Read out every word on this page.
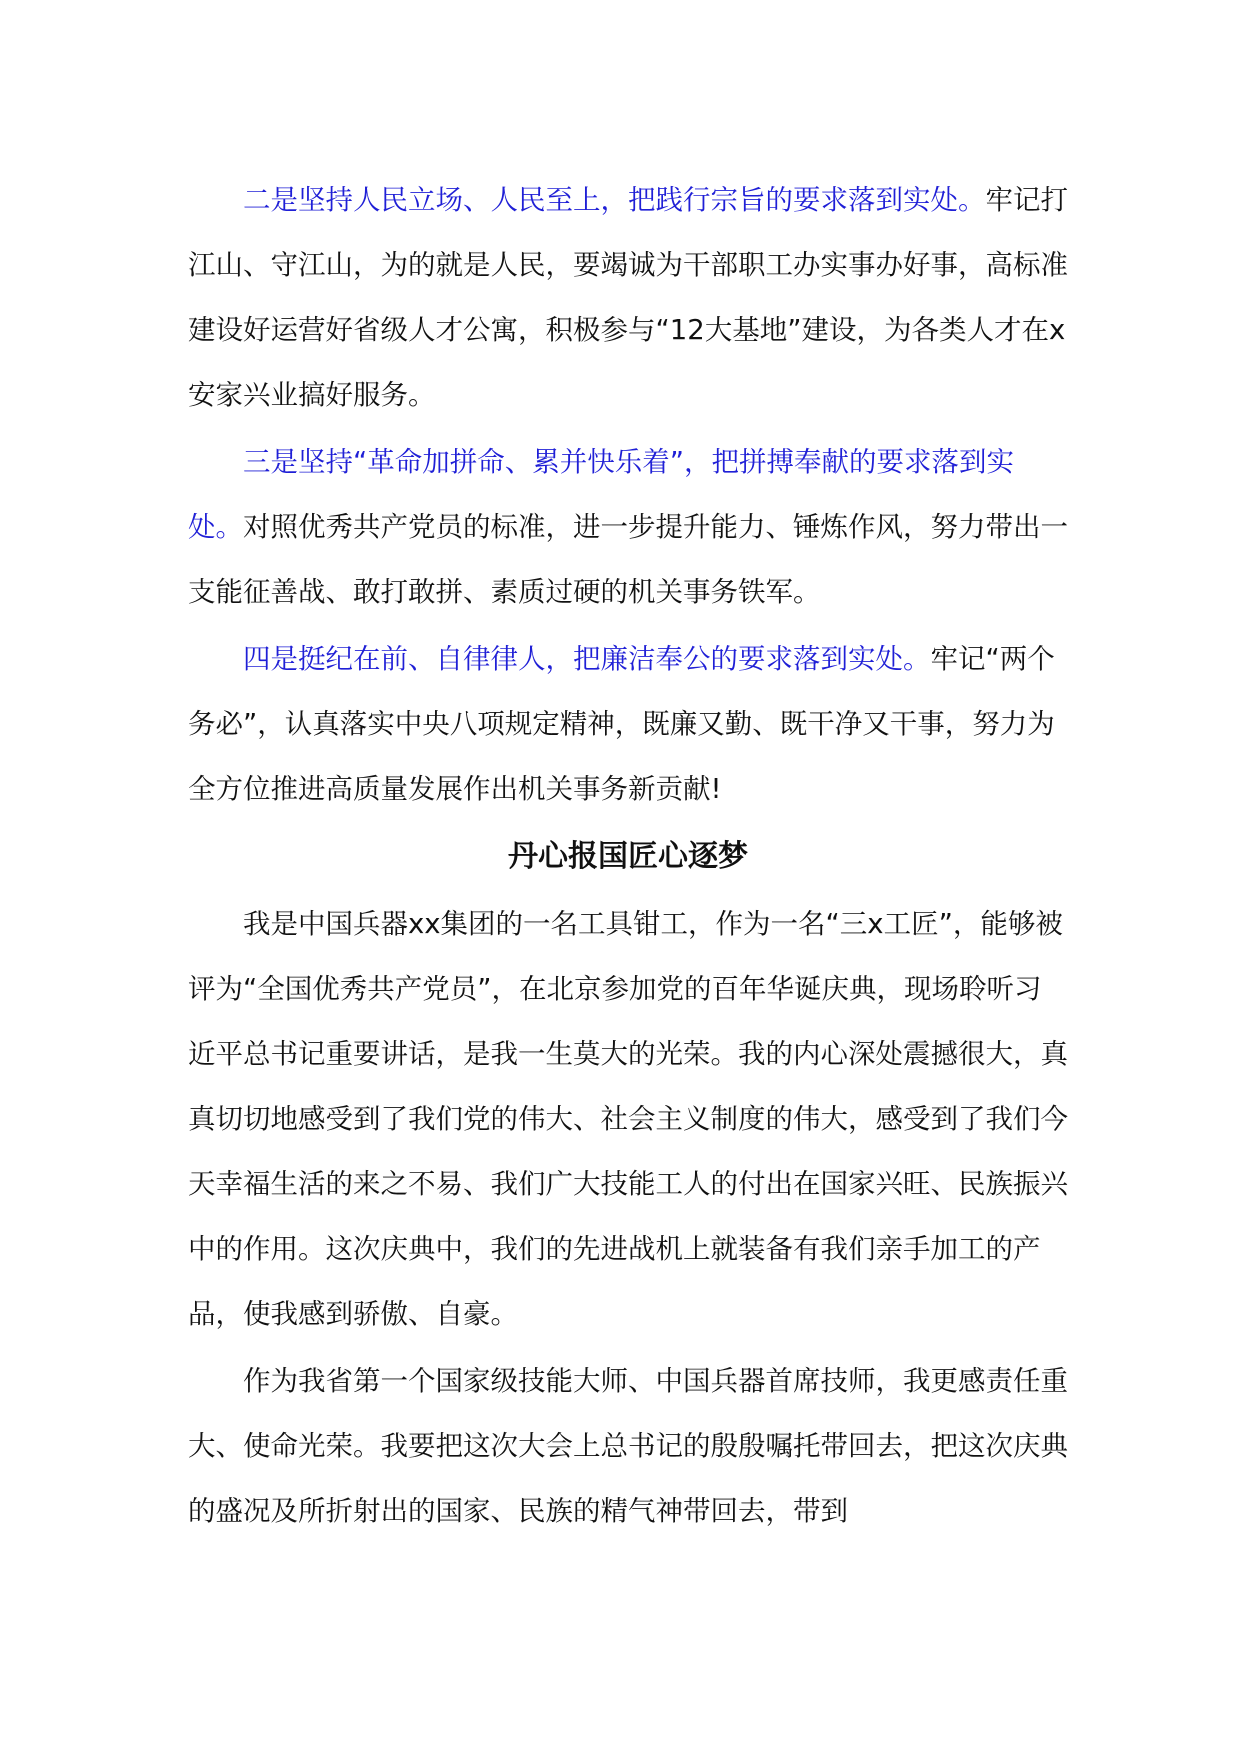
二是坚持人民立场、人民至上，把践行宗旨的要求落到实处。牢记打江山、守江山，为的就是人民，要竭诚为干部职工办实事办好事，高标准建设好运营好省级人才公寓，积极参与“12大基地”建设，为各类人才在x安家兴业搞好服务。

三是坚持“革命加拼命、累并快乐着”，把拼搏奉献的要求落到实处。对照优秀共产党员的标准，进一步提升能力、锤炼作风，努力带出一支能征善战、敢打敢拼、素质过硬的机关事务铁军。

四是挺纪在前、自律律人，把廉洁奉公的要求落到实处。牢记“两个务必”，认真落实中央八项规定精神，既廉又勤、既干净又干事，努力为全方位推进高质量发展作出机关事务新贡献!

丹心报国匠心逐梦

我是中国兵器xx集团的一名工具钳工，作为一名“三x工匠”，能够被评为“全国优秀共产党员”，在北京参加党的百年华诞庆典，现场聆听习近平总书记重要讲话，是我一生莫大的光荣。我的内心深处震撼很大，真真切切地感受到了我们党的伟大、社会主义制度的伟大，感受到了我们今天幸福生活的来之不易、我们广大技能工人的付出在国家兴旺、民族振兴中的作用。这次庆典中，我们的先进战机上就装备有我们亲手加工的产品，使我感到骄傲、自豪。

作为我省第一个国家级技能大师、中国兵器首席技师，我更感责任重大、使命光荣。我要把这次大会上总书记的殷殷嘱托带回去，把这次庆典的盛况及所折射出的国家、民族的精气神带回去，带到
